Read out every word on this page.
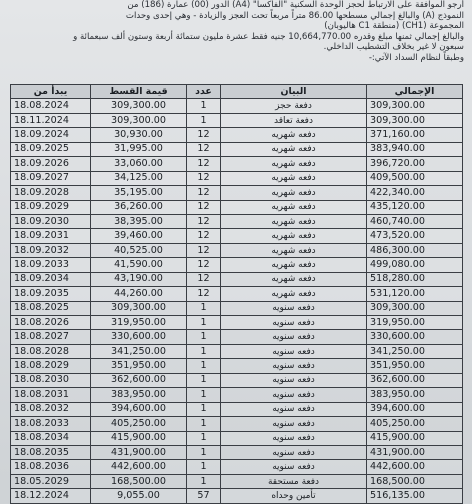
أرجو الموافقة على الارتباط لحجز الوحدة السكنية "الفاكسا" (A4) الدور (00) عمارة (186) من
النموذج (A) والبالغ إجمالي مسطحها 86.00 متراً مربعاً تحت العجز والزيادة - وهي إحدى وحدات
المجموعة (CH1) (منطقة C1 هاليوبان)
والبالغ إجمالي ثمنها مبلغ وقدره 10,664,770.00 جنيه فقط عشرة مليون ستمائة أربعة وستون ألف سبعمائة و
سبعون لا غير بخلاف التشطيب الداخلي.
وطبقاً لنظام السداد الآتي:-
يبدأ من	قيمة القسط	عدد	البيان	الإجمالي
18.08.2024	309,300.00	1	دفعة حجز	309,300.00
18.11.2024	309,300.00	1	دفعة تعاقد	309,300.00
18.09.2024	30,930.00	12	دفعه شهريه	371,160.00
18.09.2025	31,995.00	12	دفعه شهريه	383,940.00
18.09.2026	33,060.00	12	دفعه شهريه	396,720.00
18.09.2027	34,125.00	12	دفعه شهريه	409,500.00
18.09.2028	35,195.00	12	دفعه شهريه	422,340.00
18.09.2029	36,260.00	12	دفعه شهريه	435,120.00
18.09.2030	38,395.00	12	دفعه شهريه	460,740.00
18.09.2031	39,460.00	12	دفعه شهريه	473,520.00
18.09.2032	40,525.00	12	دفعه شهريه	486,300.00
18.09.2033	41,590.00	12	دفعه شهريه	499,080.00
18.09.2034	43,190.00	12	دفعه شهريه	518,280.00
18.09.2035	44,260.00	12	دفعه شهريه	531,120.00
18.08.2025	309,300.00	1	دفعه سنويه	309,300.00
18.08.2026	319,950.00	1	دفعه سنويه	319,950.00
18.08.2027	330,600.00	1	دفعه سنويه	330,600.00
18.08.2028	341,250.00	1	دفعه سنويه	341,250.00
18.08.2029	351,950.00	1	دفعه سنويه	351,950.00
18.08.2030	362,600.00	1	دفعه سنويه	362,600.00
18.08.2031	383,950.00	1	دفعه سنويه	383,950.00
18.08.2032	394,600.00	1	دفعه سنويه	394,600.00
18.08.2033	405,250.00	1	دفعه سنويه	405,250.00
18.08.2034	415,900.00	1	دفعه سنويه	415,900.00
18.08.2035	431,900.00	1	دفعه سنويه	431,900.00
18.08.2036	442,600.00	1	دفعه سنويه	442,600.00
18.05.2029	168,500.00	1	دفعة مستحقة	168,500.00
18.12.2024	9,055.00	57	تأمين وحداه	516,135.00
